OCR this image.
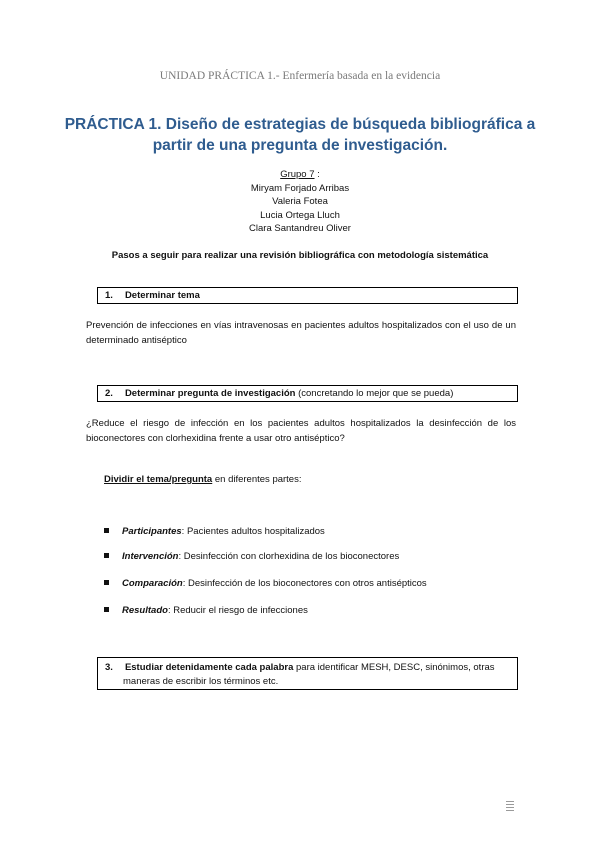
UNIDAD PRÁCTICA 1.- Enfermería basada en la evidencia
PRÁCTICA 1. Diseño de estrategias de búsqueda bibliográfica a
partir de una pregunta de investigación.
Grupo 7 :
Miryam Forjado Arribas
Valeria Fotea
Lucia Ortega Lluch
Clara Santandreu Oliver
Pasos a seguir para realizar una revisión bibliográfica con metodología sistemática
1. Determinar tema
Prevención de infecciones en vías intravenosas en pacientes adultos hospitalizados con el uso de un determinado antiséptico
2. Determinar pregunta de investigación (concretando lo mejor que se pueda)
¿Reduce el riesgo de infección en los pacientes adultos hospitalizados la desinfección de los bioconectores con clorhexidina frente a usar otro antiséptico?
Dividir el tema/pregunta en diferentes partes:
Participantes: Pacientes adultos hospitalizados
Intervención: Desinfección con clorhexidina de los bioconectores
Comparación: Desinfección de los bioconectores con otros antisépticos
Resultado: Reducir el riesgo de infecciones
3. Estudiar detenidamente cada palabra para identificar MESH, DESC, sinónimos, otras
maneras de escribir los términos etc.
